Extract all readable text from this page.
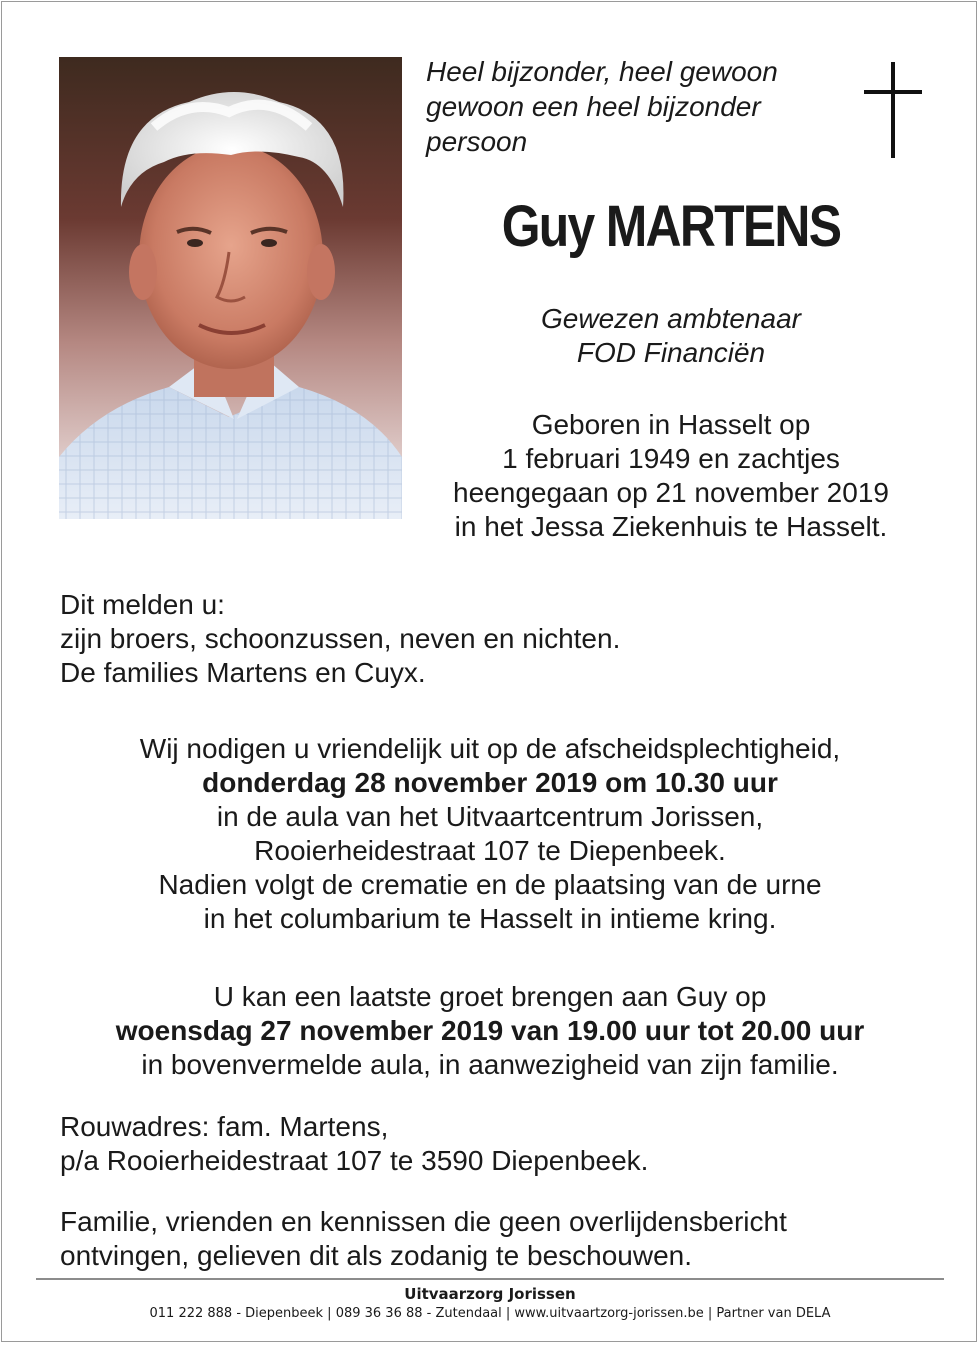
Heel bijzonder, heel gewoon
gewoon een heel bijzonder
persoon
Guy MARTENS
Gewezen ambtenaar
FOD Financiën
Geboren in Hasselt op
1 februari 1949 en zachtjes
heengegaan op 21 november 2019
in het Jessa Ziekenhuis te Hasselt.
Dit melden u:
zijn broers, schoonzussen, neven en nichten.
De families Martens en Cuyx.
Wij nodigen u vriendelijk uit op de afscheidsplechtigheid,
donderdag 28 november 2019 om 10.30 uur
in de aula van het Uitvaartcentrum Jorissen,
Rooierheidestraat 107 te Diepenbeek.
Nadien volgt de crematie en de plaatsing van de urne
in het columbarium te Hasselt in intieme kring.
U kan een laatste groet brengen aan Guy op
woensdag 27 november 2019 van 19.00 uur tot 20.00 uur
in bovenvermelde aula, in aanwezigheid van zijn familie.
Rouwadres: fam. Martens,
p/a Rooierheidestraat 107 te 3590 Diepenbeek.
Familie, vrienden en kennissen die geen overlijdensbericht
ontvingen, gelieven dit als zodanig te beschouwen.
Uitvaarzorg Jorissen
011 222 888 - Diepenbeek | 089 36 36 88 - Zutendaal | www.uitvaartzorg-jorissen.be | Partner van DELA
